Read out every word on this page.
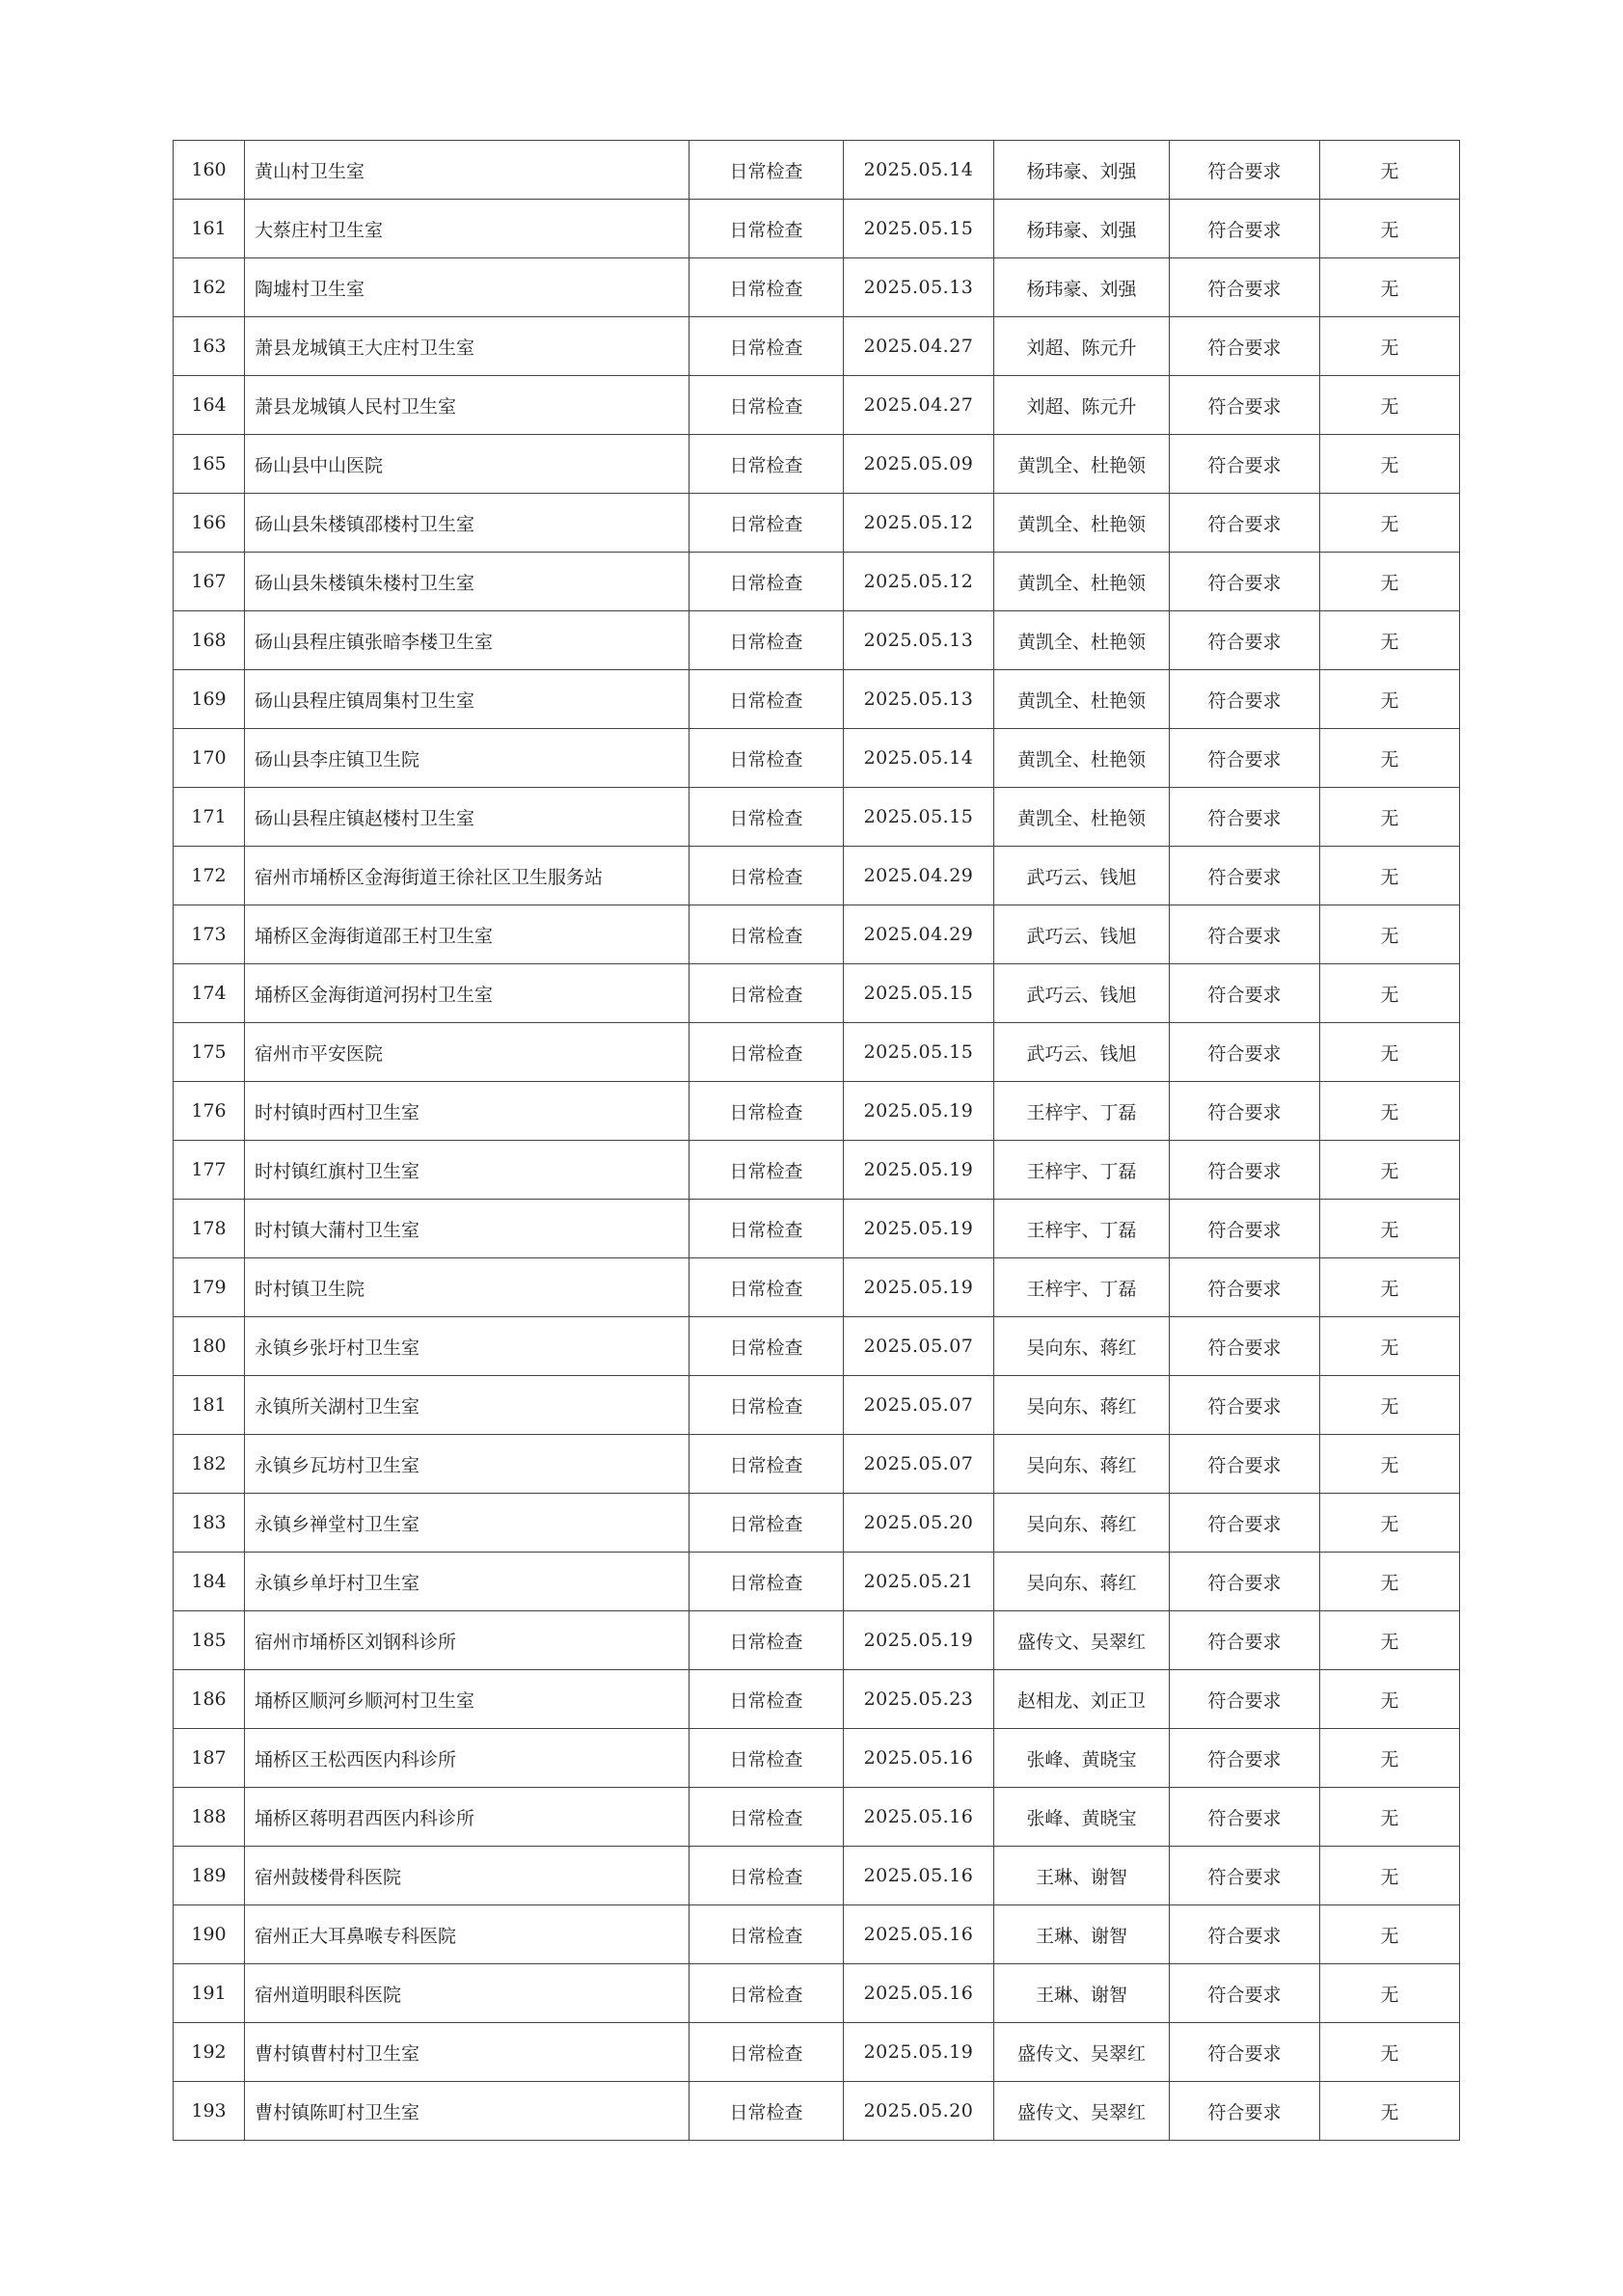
160	黄山村卫生室	日常检查	2025.05.14	杨玮豪、刘强	符合要求	无
161	大蔡庄村卫生室	日常检查	2025.05.15	杨玮豪、刘强	符合要求	无
162	陶墟村卫生室	日常检查	2025.05.13	杨玮豪、刘强	符合要求	无
163	萧县龙城镇王大庄村卫生室	日常检查	2025.04.27	刘超、陈元升	符合要求	无
164	萧县龙城镇人民村卫生室	日常检查	2025.04.27	刘超、陈元升	符合要求	无
165	砀山县中山医院	日常检查	2025.05.09	黄凯全、杜艳领	符合要求	无
166	砀山县朱楼镇邵楼村卫生室	日常检查	2025.05.12	黄凯全、杜艳领	符合要求	无
167	砀山县朱楼镇朱楼村卫生室	日常检查	2025.05.12	黄凯全、杜艳领	符合要求	无
168	砀山县程庄镇张暗李楼卫生室	日常检查	2025.05.13	黄凯全、杜艳领	符合要求	无
169	砀山县程庄镇周集村卫生室	日常检查	2025.05.13	黄凯全、杜艳领	符合要求	无
170	砀山县李庄镇卫生院	日常检查	2025.05.14	黄凯全、杜艳领	符合要求	无
171	砀山县程庄镇赵楼村卫生室	日常检查	2025.05.15	黄凯全、杜艳领	符合要求	无
172	宿州市埇桥区金海街道王徐社区卫生服务站	日常检查	2025.04.29	武巧云、钱旭	符合要求	无
173	埇桥区金海街道邵王村卫生室	日常检查	2025.04.29	武巧云、钱旭	符合要求	无
174	埇桥区金海街道河拐村卫生室	日常检查	2025.05.15	武巧云、钱旭	符合要求	无
175	宿州市平安医院	日常检查	2025.05.15	武巧云、钱旭	符合要求	无
176	时村镇时西村卫生室	日常检查	2025.05.19	王梓宇、丁磊	符合要求	无
177	时村镇红旗村卫生室	日常检查	2025.05.19	王梓宇、丁磊	符合要求	无
178	时村镇大蒲村卫生室	日常检查	2025.05.19	王梓宇、丁磊	符合要求	无
179	时村镇卫生院	日常检查	2025.05.19	王梓宇、丁磊	符合要求	无
180	永镇乡张圩村卫生室	日常检查	2025.05.07	吴向东、蒋红	符合要求	无
181	永镇所关湖村卫生室	日常检查	2025.05.07	吴向东、蒋红	符合要求	无
182	永镇乡瓦坊村卫生室	日常检查	2025.05.07	吴向东、蒋红	符合要求	无
183	永镇乡禅堂村卫生室	日常检查	2025.05.20	吴向东、蒋红	符合要求	无
184	永镇乡单圩村卫生室	日常检查	2025.05.21	吴向东、蒋红	符合要求	无
185	宿州市埇桥区刘钢科诊所	日常检查	2025.05.19	盛传文、吴翠红	符合要求	无
186	埇桥区顺河乡顺河村卫生室	日常检查	2025.05.23	赵相龙、刘正卫	符合要求	无
187	埇桥区王松西医内科诊所	日常检查	2025.05.16	张峰、黄晓宝	符合要求	无
188	埇桥区蒋明君西医内科诊所	日常检查	2025.05.16	张峰、黄晓宝	符合要求	无
189	宿州鼓楼骨科医院	日常检查	2025.05.16	王琳、谢智	符合要求	无
190	宿州正大耳鼻喉专科医院	日常检查	2025.05.16	王琳、谢智	符合要求	无
191	宿州道明眼科医院	日常检查	2025.05.16	王琳、谢智	符合要求	无
192	曹村镇曹村村卫生室	日常检查	2025.05.19	盛传文、吴翠红	符合要求	无
193	曹村镇陈町村卫生室	日常检查	2025.05.20	盛传文、吴翠红	符合要求	无
